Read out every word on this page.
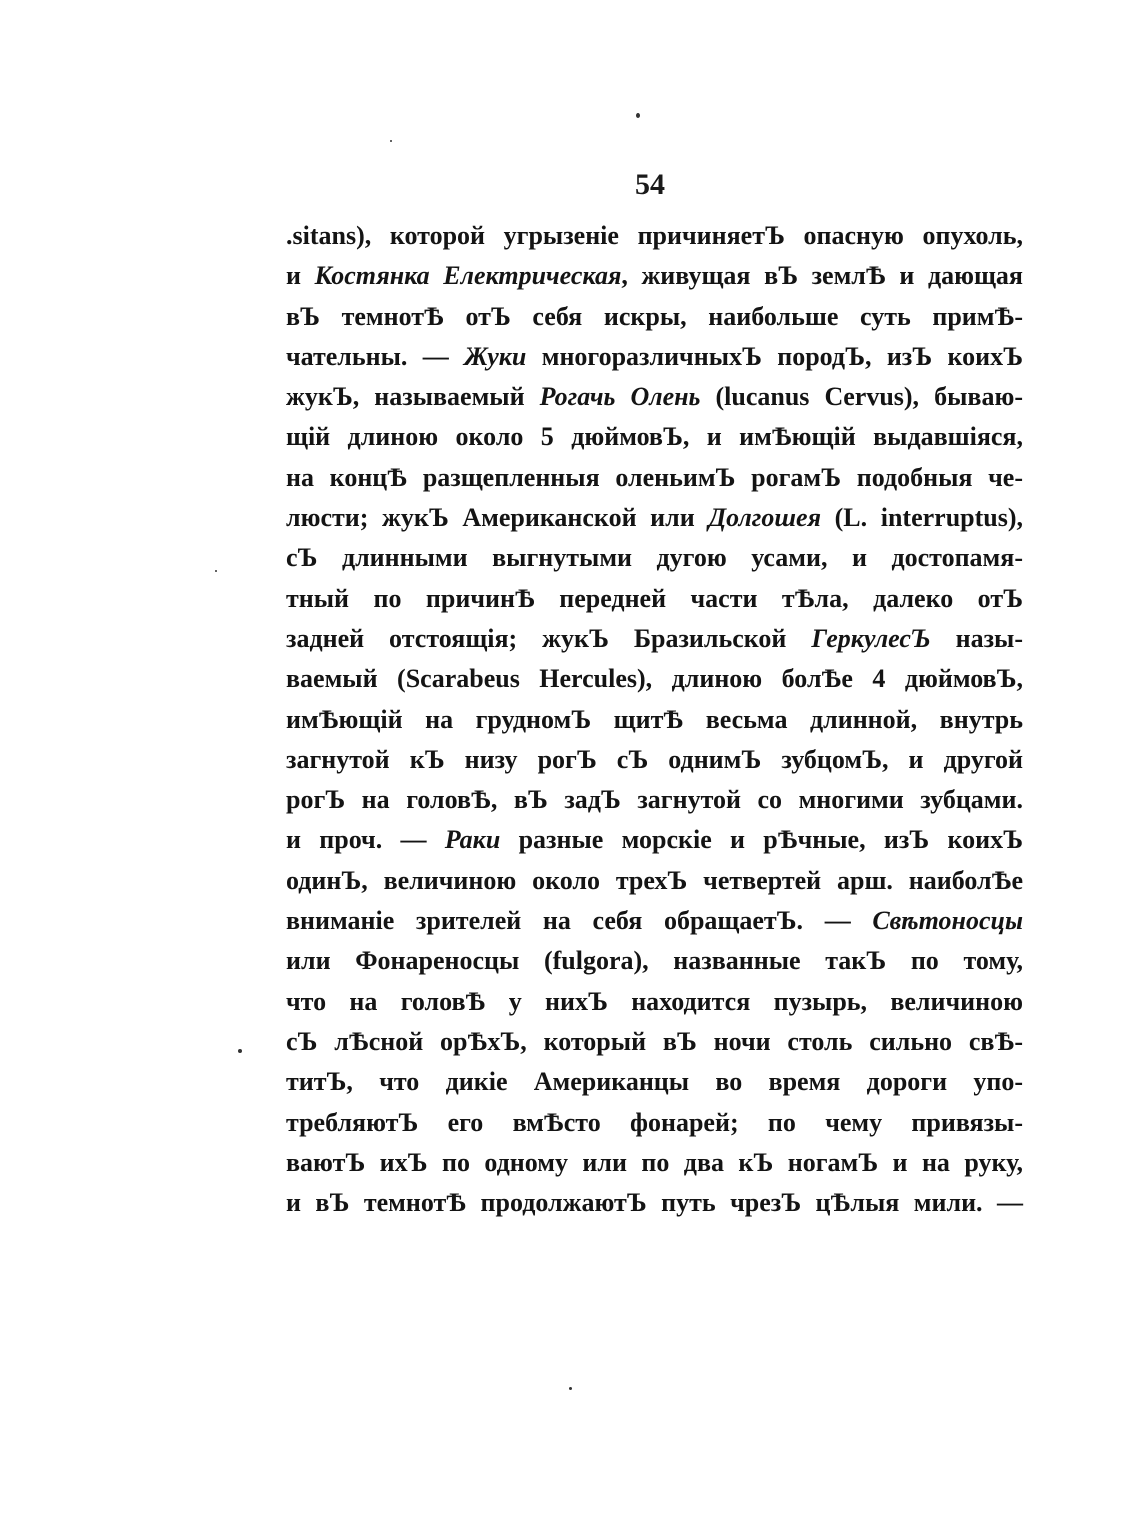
54
.sitans), которой угрызеніе причиняетЪ опасную опухоль,
и Костянка Електрическая, живущая вЪ землѢ и дающая
вЪ темнотѢ отЪ себя искры, наибольше суть примѢ-
чательны. — Жуки многоразличныхЪ породЪ, изЪ коихЪ
жукЪ, называемый Рогачь Олень (lucanus Cervus), бываю-
щій длиною около 5 дюймовЪ, и имѢющій выдавшіяся,
на концѢ разщепленныя оленьимЪ рогамЪ подобныя че-
люсти; жукЪ Американской или Долгошея (L. interruptus),
сЪ длинными выгнутыми дугою усами, и достопамя-
тный по причинѢ передней части тѢла, далеко отЪ
задней отстоящія; жукЪ Бразильской ГеркулесЪ назы-
ваемый (Scarabeus Hercules), длиною болѢе 4 дюймовЪ,
имѢющій на грудномЪ щитѢ весьма длинной, внутрь
загнутой кЪ низу рогЪ сЪ однимЪ зубцомЪ, и другой
рогЪ на головѢ, вЪ задЪ загнутой со многими зубцами.
и проч. — Раки разные морскіе и рѢчные, изЪ коихЪ
одинЪ, величиною около трехЪ четвертей арш. наиболѢе
вниманіе зрителей на себя обращаетЪ. — Свѣтоносцы
или Фонареносцы (fulgora), названные такЪ по тому,
что на головѢ у нихЪ находится пузырь, величиною
сЪ лѢсной орѢхЪ, который вЪ ночи столь сильно свѢ-
титЪ, что дикіе Американцы во время дороги упо-
требляютЪ его вмѢсто фонарей; по чему привязы-
ваютЪ ихЪ по одному или по два кЪ ногамЪ и на руку,
и вЪ темнотѢ продолжаютЪ путь чрезЪ цѢлыя мили. —
